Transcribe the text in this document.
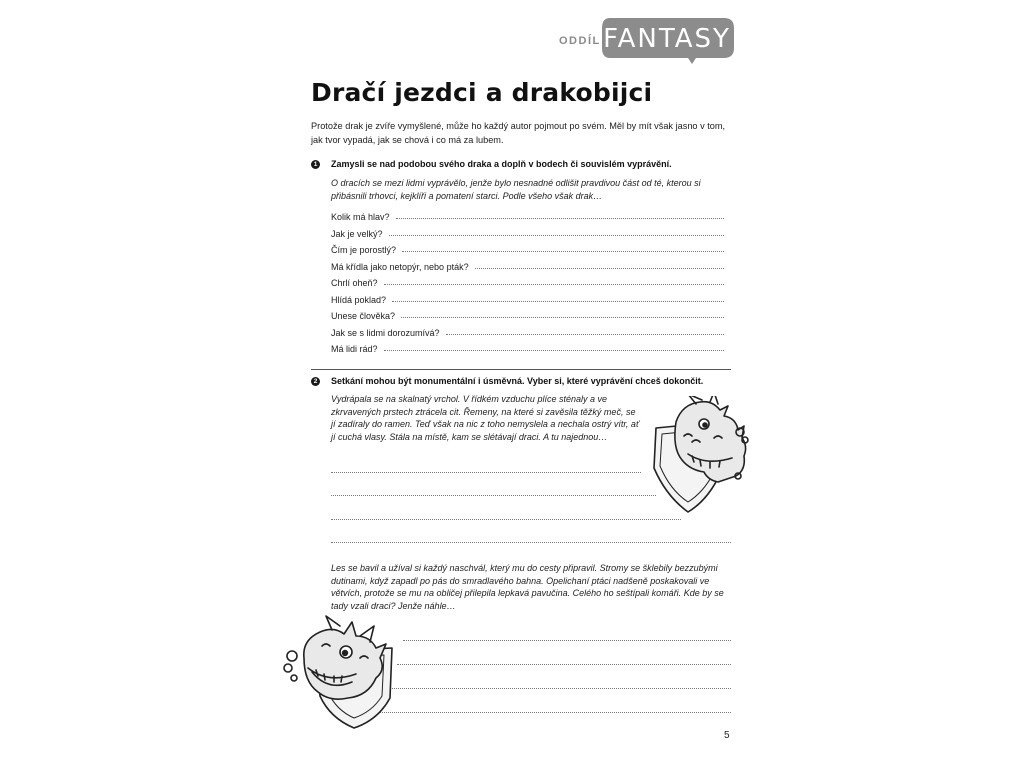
ODDÍL FANTASY
Dračí jezdci a drakobijci
Protože drak je zvíře vymyšlené, může ho každý autor pojmout po svém. Měl by mít však jasno v tom, jak tvor vypadá, jak se chová i co má za lubem.
1 Zamysli se nad podobou svého draka a doplň v bodech či souvislém vyprávění.
O dracích se mezi lidmi vyprávělo, jenže bylo nesnadné odlišit pravdivou část od té, kterou si přibásnili trhovci, kejklíři a pomatení starci. Podle všeho však drak…
Kolik má hlav?
Jak je velký?
Čím je porostlý?
Má křídla jako netopýr, nebo pták?
Chrlí oheň?
Hlídá poklad?
Unese člověka?
Jak se s lidmi dorozumívá?
Má lidi rád?
2 Setkání mohou být monumentální i úsměvná. Vyber si, které vyprávění chceš dokončit.
Vydrápala se na skalnatý vrchol. V řídkém vzduchu plíce sténaly a ve zkrvavených prstech ztrácela cit. Řemeny, na které si zavěsila těžký meč, se jí zadíraly do ramen. Teď však na nic z toho nemyslela a nechala ostrý vítr, ať jí cuchá vlasy. Stála na místě, kam se slétávají draci. A tu najednou…
Les se bavil a užíval si každý naschvál, který mu do cesty připravil. Stromy se šklebily bezzubými dutinami, když zapadl po pás do smradlavého bahna. Opelichaní ptáci nadšeně poskakovali ve větvích, protože se mu na obličej přilepila lepkavá pavučina. Celého ho seštípali komáři. Kde by se tady vzali draci? Jenže náhle…
5
